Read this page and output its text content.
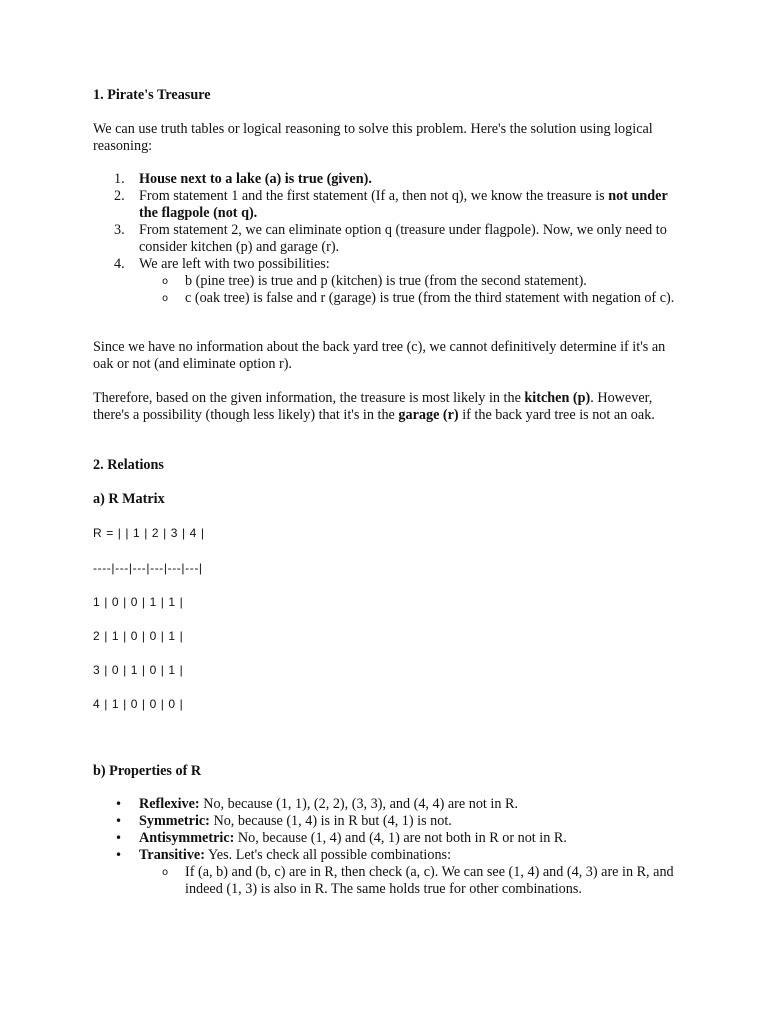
1. Pirate's Treasure

We can use truth tables or logical reasoning to solve this problem. Here's the solution using logical reasoning:

1. House next to a lake (a) is true (given).
2. From statement 1 and the first statement (If a, then not q), we know the treasure is not under the flagpole (not q).
3. From statement 2, we can eliminate option q (treasure under flagpole). Now, we only need to consider kitchen (p) and garage (r).
4. We are left with two possibilities:
o b (pine tree) is true and p (kitchen) is true (from the second statement).
o c (oak tree) is false and r (garage) is true (from the third statement with negation of c).

Since we have no information about the back yard tree (c), we cannot definitively determine if it's an oak or not (and eliminate option r).

Therefore, based on the given information, the treasure is most likely in the kitchen (p). However, there's a possibility (though less likely) that it's in the garage (r) if the back yard tree is not an oak.

2. Relations

a) R Matrix

R = | | 1 | 2 | 3 | 4 |

----|---|---|---|---|---|

1 | 0 | 0 | 1 | 1 |

2 | 1 | 0 | 0 | 1 |

3 | 0 | 1 | 0 | 1 |

4 | 1 | 0 | 0 | 0 |

b) Properties of R

• Reflexive: No, because (1, 1), (2, 2), (3, 3), and (4, 4) are not in R.
• Symmetric: No, because (1, 4) is in R but (4, 1) is not.
• Antisymmetric: No, because (1, 4) and (4, 1) are not both in R or not in R.
• Transitive: Yes. Let's check all possible combinations:
o If (a, b) and (b, c) are in R, then check (a, c). We can see (1, 4) and (4, 3) are in R, and indeed (1, 3) is also in R. The same holds true for other combinations.
